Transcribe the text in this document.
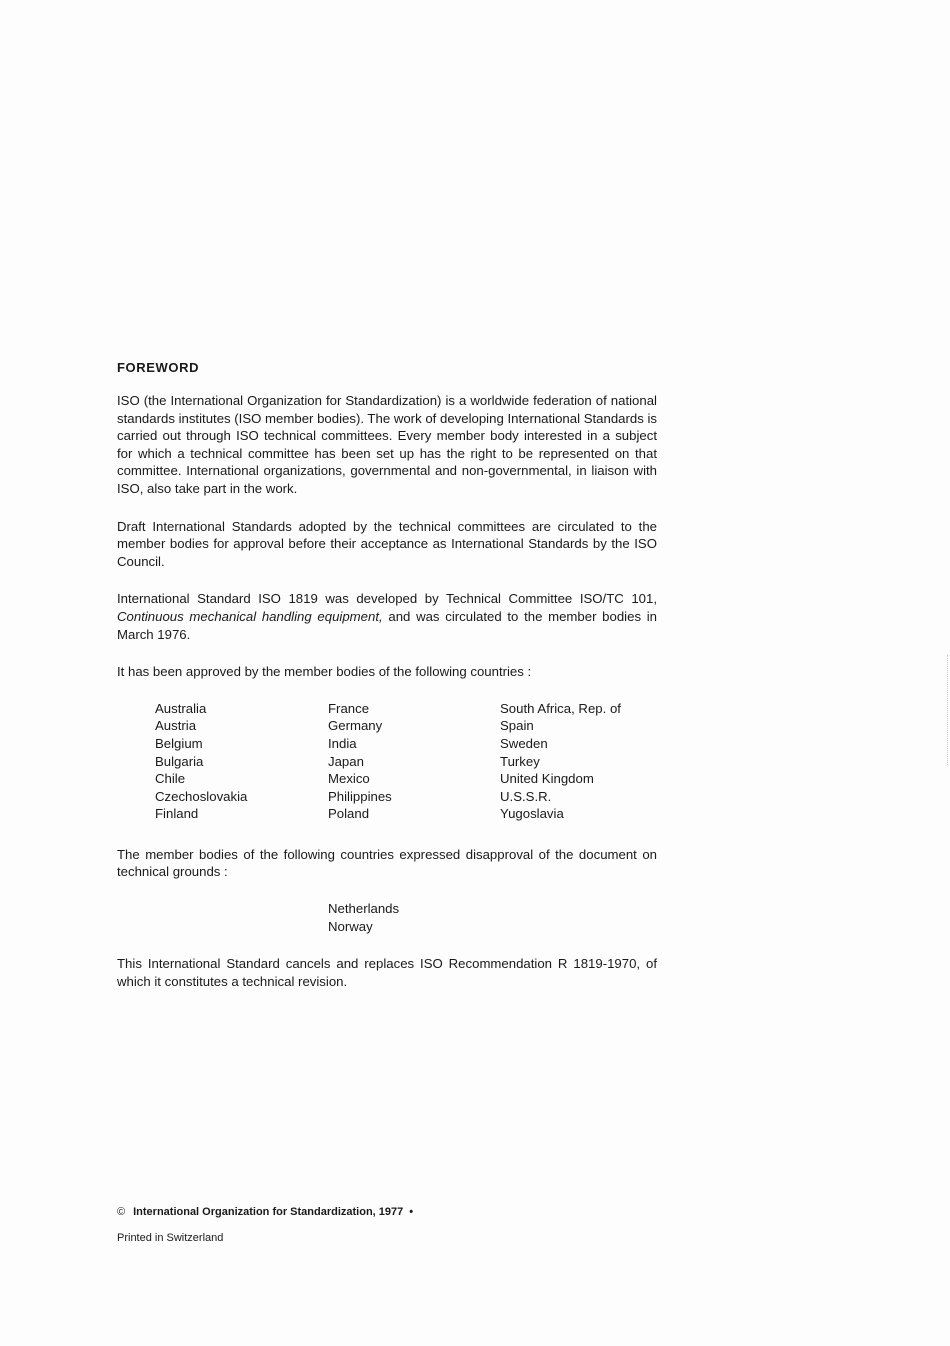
FOREWORD

ISO (the International Organization for Standardization) is a worldwide federation of national standards institutes (ISO member bodies). The work of developing International Standards is carried out through ISO technical committees. Every member body interested in a subject for which a technical committee has been set up has the right to be represented on that committee. International organizations, governmental and non-governmental, in liaison with ISO, also take part in the work.

Draft International Standards adopted by the technical committees are circulated to the member bodies for approval before their acceptance as International Standards by the ISO Council.

International Standard ISO 1819 was developed by Technical Committee ISO/TC 101, Continuous mechanical handling equipment, and was circulated to the member bodies in March 1976.

It has been approved by the member bodies of the following countries :

Australia
Austria
Belgium
Bulgaria
Chile
Czechoslovakia
Finland
France
Germany
India
Japan
Mexico
Philippines
Poland
South Africa, Rep. of
Spain
Sweden
Turkey
United Kingdom
U.S.S.R.
Yugoslavia

The member bodies of the following countries expressed disapproval of the document on technical grounds :

Netherlands
Norway

This International Standard cancels and replaces ISO Recommendation R 1819-1970, of which it constitutes a technical revision.

© International Organization for Standardization, 1977 •
Printed in Switzerland
